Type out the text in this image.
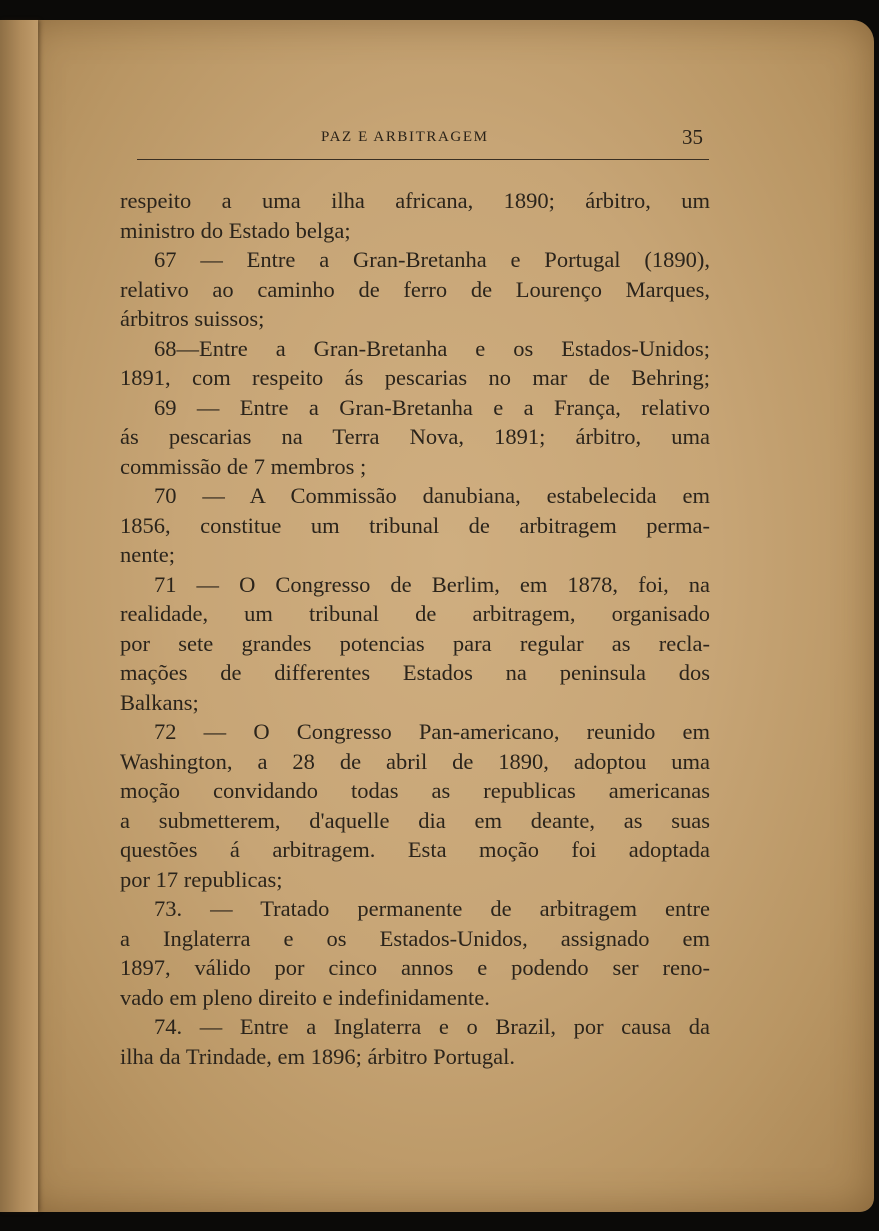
PAZ E ARBITRAGEM	35
respeito a uma ilha africana, 1890; árbitro, um
ministro do Estado belga;
67 — Entre a Gran-Bretanha e Portugal (1890),
relativo ao caminho de ferro de Lourenço Marques,
árbitros suissos;
68—Entre a Gran-Bretanha e os Estados-Unidos;
1891, com respeito ás pescarias no mar de Behring;
69 — Entre a Gran-Bretanha e a França, relativo
ás pescarias na Terra Nova, 1891; árbitro, uma
commissão de 7 membros ;
70 — A Commissão danubiana, estabelecida em
1856, constitue um tribunal de arbitragem perma-
nente;
71 — O Congresso de Berlim, em 1878, foi, na
realidade, um tribunal de arbitragem, organisado
por sete grandes potencias para regular as recla-
mações de differentes Estados na peninsula dos
Balkans;
72 — O Congresso Pan-americano, reunido em
Washington, a 28 de abril de 1890, adoptou uma
moção convidando todas as republicas americanas
a submetterem, d'aquelle dia em deante, as suas
questões á arbitragem. Esta moção foi adoptada
por 17 republicas;
73. — Tratado permanente de arbitragem entre
a Inglaterra e os Estados-Unidos, assignado em
1897, válido por cinco annos e podendo ser reno-
vado em pleno direito e indefinidamente.
74. — Entre a Inglaterra e o Brazil, por causa da
ilha da Trindade, em 1896; árbitro Portugal.
